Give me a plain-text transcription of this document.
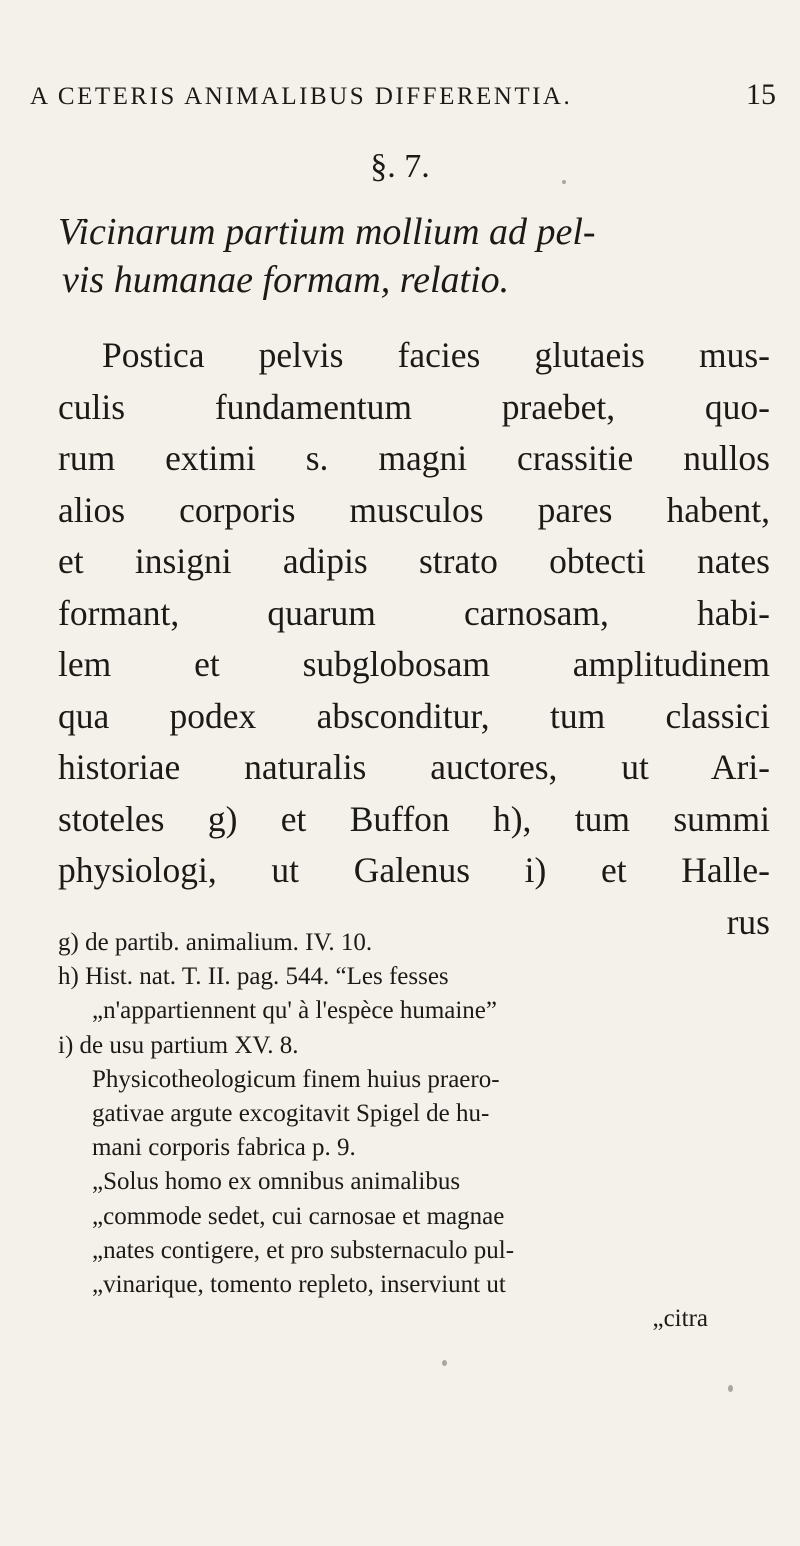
A CETERIS ANIMALIBUS DIFFERENTIA.	15
§. 7.
Vicinarum partium mollium ad pel-
vis humanae formam, relatio.
Postica pelvis facies glutaeis mus-
culis fundamentum praebet, quo-
rum extimi s. magni crassitie nullos
alios corporis musculos pares habent,
et insigni adipis strato obtecti nates
formant, quarum carnosam, habi-
lem et subglobosam amplitudinem
qua podex absconditur, tum classici
historiae naturalis auctores, ut Ari-
stoteles g) et Buffon h), tum summi
physiologi, ut Galenus i) et Halle-
rus
g) de partib. animalium. IV. 10.
h) Hist. nat. T. II. pag. 544. “Les fesses
„n'appartiennent qu' à l'espèce humaine”
i) de usu partium XV. 8.
Physicotheologicum finem huius praero-
gativae argute excogitavit Spigel de hu-
mani corporis fabrica p. 9.
„Solus homo ex omnibus animalibus
„commode sedet, cui carnosae et magnae
„nates contigere, et pro substernaculo pul-
„vinarique, tomento repleto, inserviunt ut
„citra
